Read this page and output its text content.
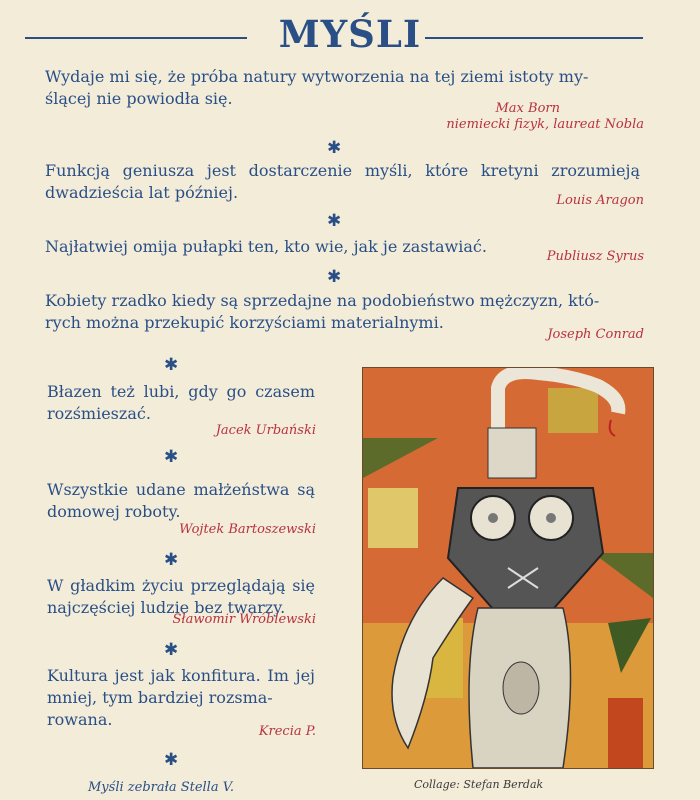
MYŚLI
Wydaje mi się, że próba natury wytworzenia na tej ziemi istoty my-
ślącej nie powiodła się.
Max Born
niemiecki fizyk, laureat Nobla
✱
Funkcją geniusza jest dostarczenie myśli, które kretyni zrozumieją dwadzieścia lat później.	Louis Aragon
✱
Najłatwiej omija pułapki ten, kto wie, jak je zastawiać.
Publiusz Syrus
✱
Kobiety rzadko kiedy są sprzedajne na podobieństwo mężczyzn, któ-
rych można przekupić korzyściami materialnymi.
Joseph Conrad
✱
Błazen też lubi, gdy go czasem rozśmieszać.
Jacek Urbański
✱
Wszystkie udane małżeństwa są domowej roboty.
Wojtek Bartoszewski
✱
W gładkim życiu przeglądają się najczęściej ludzie bez twarzy.
Sławomir Wróblewski
✱
Kultura jest jak konfitura. Im jej mniej, tym bardziej rozsma-
rowana.
Krecia P.
✱
Myśli zebrała Stella V.	Collage: Stefan Berdak
